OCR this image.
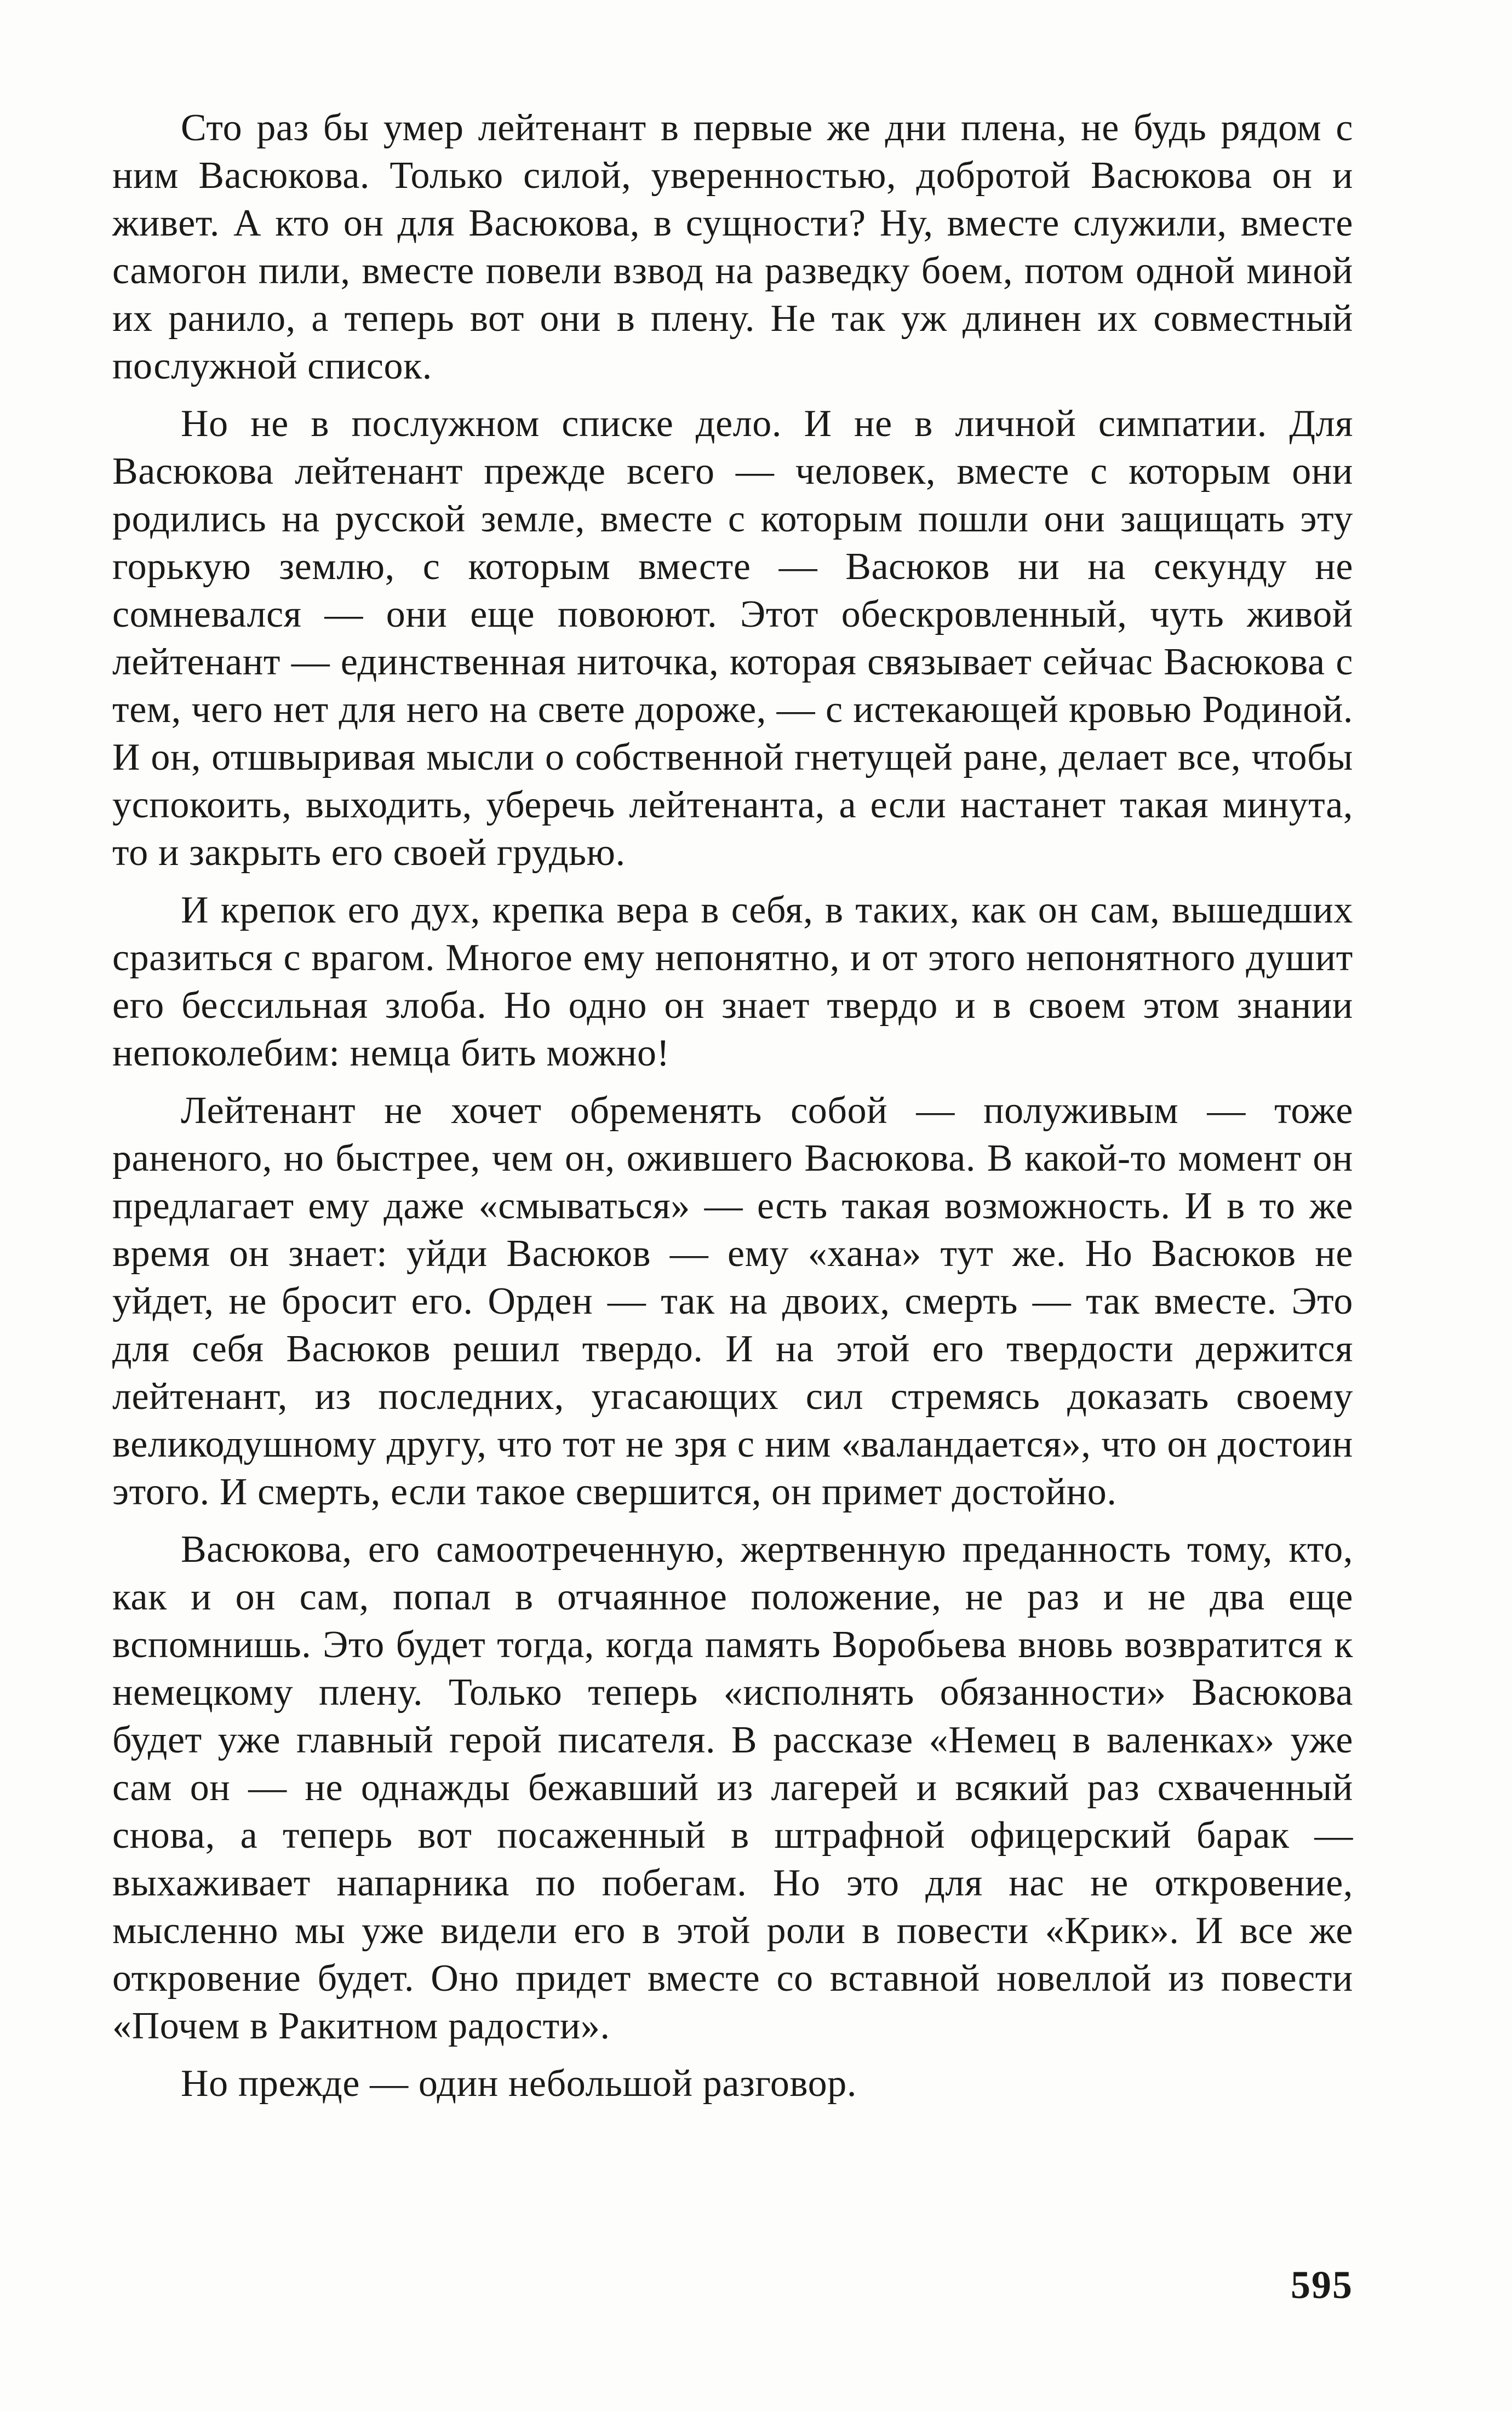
Сто раз бы умер лейтенант в первые же дни плена, не будь рядом с ним Васюкова. Только силой, уверенностью, добротой Васюкова он и живет. А кто он для Васюкова, в сущности? Ну, вместе служили, вместе самогон пили, вместе повели взвод на разведку боем, потом одной миной их ранило, а теперь вот они в плену. Не так уж длинен их совместный послужной список.

Но не в послужном списке дело. И не в личной симпатии. Для Васюкова лейтенант прежде всего — человек, вместе с которым они родились на русской земле, вместе с которым пошли они защищать эту горькую землю, с которым вместе — Васюков ни на секунду не сомневался — они еще повоюют. Этот обескровленный, чуть живой лейтенант — единственная ниточка, которая связывает сейчас Васюкова с тем, чего нет для него на свете дороже, — с истекающей кровью Родиной. И он, отшвыривая мысли о собственной гнетущей ране, делает все, чтобы успокоить, выходить, уберечь лейтенанта, а если настанет такая минута, то и закрыть его своей грудью.

И крепок его дух, крепка вера в себя, в таких, как он сам, вышедших сразиться с врагом. Многое ему непонятно, и от этого непонятного душит его бессильная злоба. Но одно он знает твердо и в своем этом знании непоколебим: немца бить можно!

Лейтенант не хочет обременять собой — полуживым — тоже раненого, но быстрее, чем он, ожившего Васюкова. В какой-то момент он предлагает ему даже «смываться» — есть такая возможность. И в то же время он знает: уйди Васюков — ему «хана» тут же. Но Васюков не уйдет, не бросит его. Орден — так на двоих, смерть — так вместе. Это для себя Васюков решил твердо. И на этой его твердости держится лейтенант, из последних, угасающих сил стремясь доказать своему великодушному другу, что тот не зря с ним «валандается», что он достоин этого. И смерть, если такое свершится, он примет достойно.

Васюкова, его самоотреченную, жертвенную преданность тому, кто, как и он сам, попал в отчаянное положение, не раз и не два еще вспомнишь. Это будет тогда, когда память Воробьева вновь возвратится к немецкому плену. Только теперь «исполнять обязанности» Васюкова будет уже главный герой писателя. В рассказе «Немец в валенках» уже сам он — не однажды бежавший из лагерей и всякий раз схваченный снова, а теперь вот посаженный в штрафной офицерский барак — выхаживает напарника по побегам. Но это для нас не откровение, мысленно мы уже видели его в этой роли в повести «Крик». И все же откровение будет. Оно придет вместе со вставной новеллой из повести «Почем в Ракитном радости».

Но прежде — один небольшой разговор.

595
